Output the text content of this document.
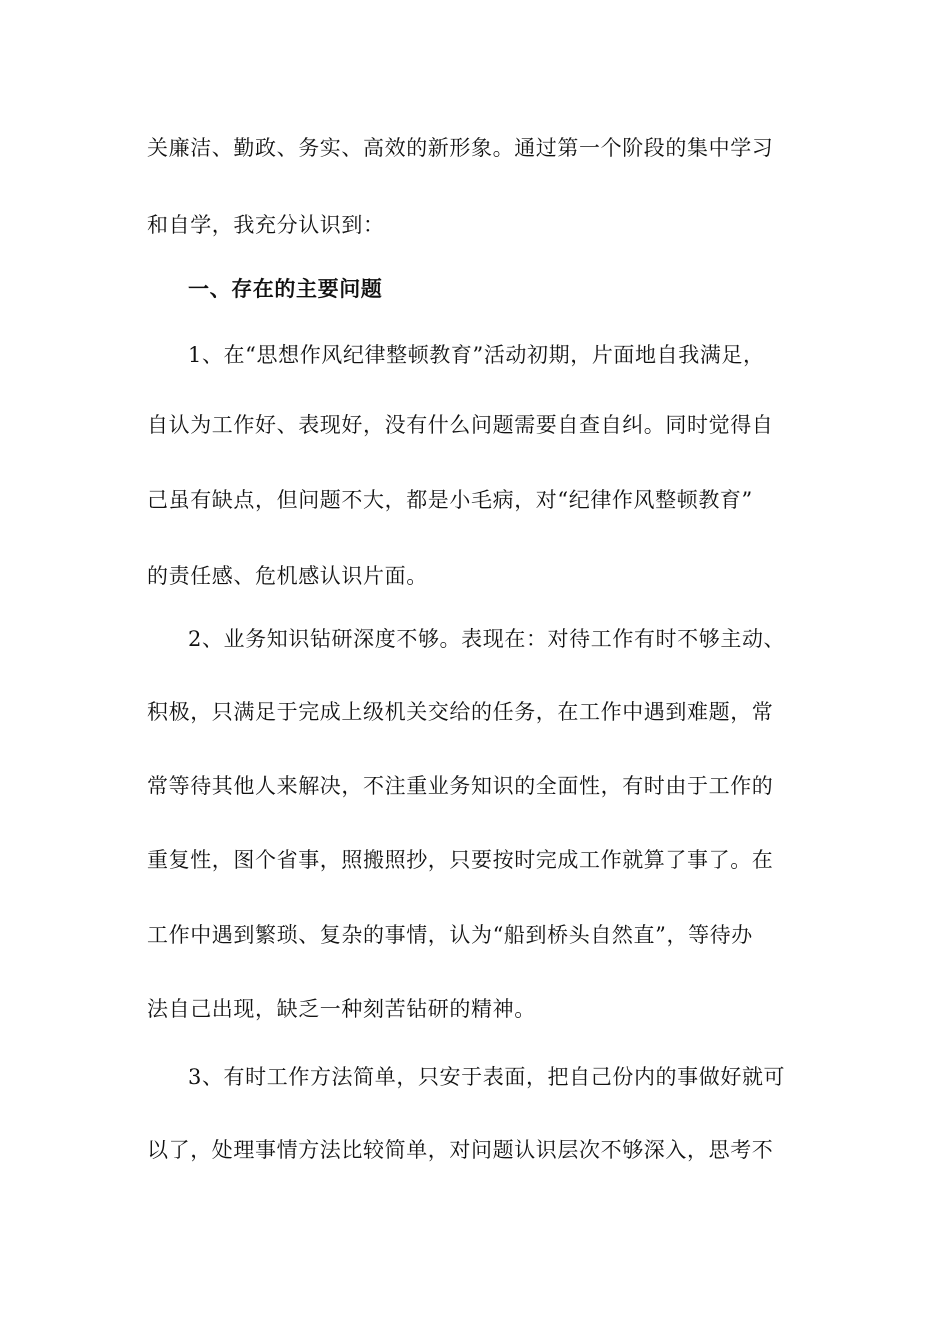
关廉洁、勤政、务实、高效的新形象。通过第一个阶段的集中学习
和自学，我充分认识到：
一、存在的主要问题
1、在“思想作风纪律整顿教育”活动初期，片面地自我满足，
自认为工作好、表现好，没有什么问题需要自查自纠。同时觉得自
己虽有缺点，但问题不大，都是小毛病，对“纪律作风整顿教育”
的责任感、危机感认识片面。
2、业务知识钻研深度不够。表现在：对待工作有时不够主动、
积极，只满足于完成上级机关交给的任务，在工作中遇到难题，常
常等待其他人来解决，不注重业务知识的全面性，有时由于工作的
重复性，图个省事，照搬照抄，只要按时完成工作就算了事了。在
工作中遇到繁琐、复杂的事情，认为“船到桥头自然直”，等待办
法自己出现，缺乏一种刻苦钻研的精神。
3、有时工作方法简单，只安于表面，把自己份内的事做好就可
以了，处理事情方法比较简单，对问题认识层次不够深入，思考不
